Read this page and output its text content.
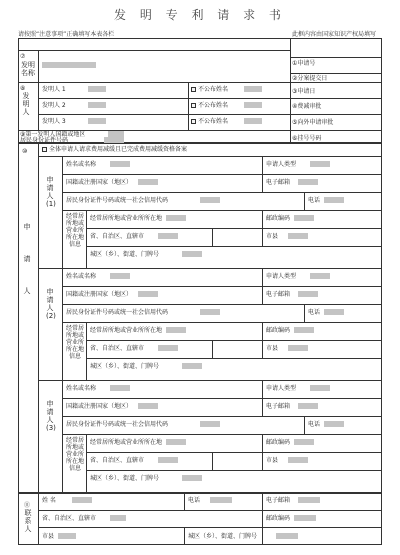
发 明 专 利 请 求 书
请按照“注意事项”正确填写本表各栏	此框内容由国家知识产权局填写
⑦
发明名称
⑧
发明人
发明人 1	不公布姓名
发明人 2	不公布姓名
发明人 3	不公布姓名
⑨第一发明人国籍或地区
居民身份证件号码
①申请号
②分案提交日
③申请日
④费减审批
⑤向外申请审批
⑥挂号号码
⑩
申请人
全体申请人请求费用减缓且已完成费用减缓资格备案
申请人(1)
姓名或名称	申请人类型
国籍或注册国家（地区）	电子邮箱
居民身份证件号码或统一社会信用代码	电话
经常居所地或营业所所在地信息
经常居所地或营业所所在地	邮政编码
省、自治区、直辖市	市县
城区（乡）、街道、门牌号
申请人(2)
姓名或名称	申请人类型
国籍或注册国家（地区）	电子邮箱
居民身份证件号码或统一社会信用代码	电话
经常居所地或营业所所在地信息
经常居所地或营业所所在地	邮政编码
省、自治区、直辖市	市县
城区（乡）、街道、门牌号
申请人(3)
姓名或名称	申请人类型
国籍或注册国家（地区）	电子邮箱
居民身份证件号码或统一社会信用代码	电话
经常居所地或营业所所在地信息
经常居所地或营业所所在地	邮政编码
省、自治区、直辖市	市县
城区（乡）、街道、门牌号
⑪
联系人
姓 名	电话	电子邮箱
省、自治区、直辖市	邮政编码
市县	城区（乡）、街道、门牌号
